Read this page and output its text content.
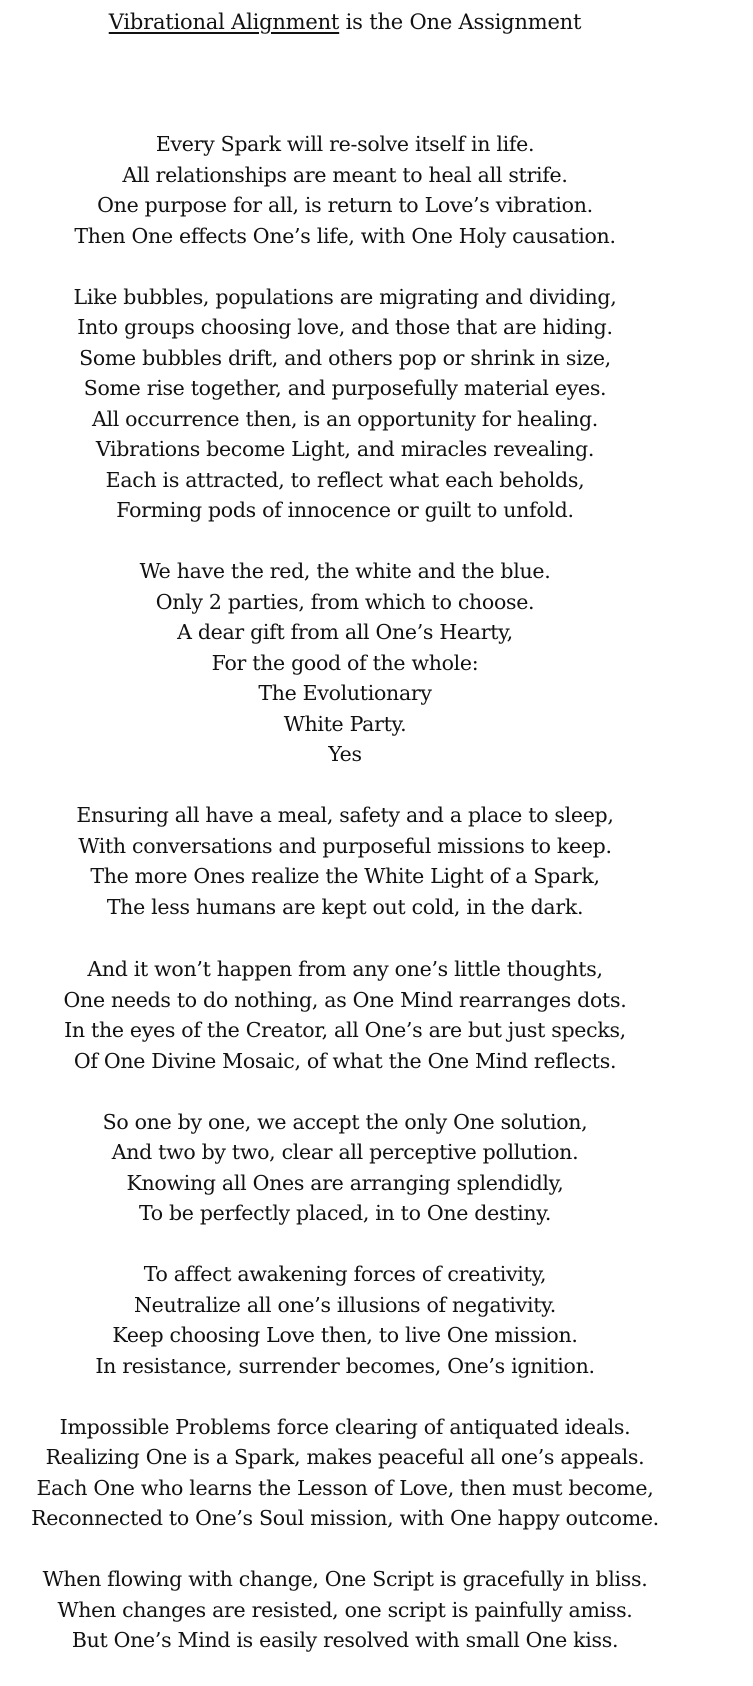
Vibrational Alignment is the One Assignment
Every Spark will re-solve itself in life.
All relationships are meant to heal all strife.
One purpose for all, is return to Love’s vibration.
Then One effects One’s life, with One Holy causation.
Like bubbles, populations are migrating and dividing,
Into groups choosing love, and those that are hiding.
Some bubbles drift, and others pop or shrink in size,
Some rise together, and purposefully material eyes.
All occurrence then, is an opportunity for healing.
Vibrations become Light, and miracles revealing.
Each is attracted, to reflect what each beholds,
Forming pods of innocence or guilt to unfold.
We have the red, the white and the blue.
Only 2 parties, from which to choose.
A dear gift from all One’s Hearty,
For the good of the whole:
The Evolutionary
White Party.
Yes
Ensuring all have a meal, safety and a place to sleep,
With conversations and purposeful missions to keep.
The more Ones realize the White Light of a Spark,
The less humans are kept out cold, in the dark.
And it won’t happen from any one’s little thoughts,
One needs to do nothing, as One Mind rearranges dots.
In the eyes of the Creator, all One’s are but just specks,
Of One Divine Mosaic, of what the One Mind reflects.
So one by one, we accept the only One solution,
And two by two, clear all perceptive pollution.
Knowing all Ones are arranging splendidly,
To be perfectly placed, in to One destiny.
To affect awakening forces of creativity,
Neutralize all one’s illusions of negativity.
Keep choosing Love then, to live One mission.
In resistance, surrender becomes, One’s ignition.
Impossible Problems force clearing of antiquated ideals.
Realizing One is a Spark, makes peaceful all one’s appeals.
Each One who learns the Lesson of Love, then must become,
Reconnected to One’s Soul mission, with One happy outcome.
When flowing with change, One Script is gracefully in bliss.
When changes are resisted, one script is painfully amiss.
But One’s Mind is easily resolved with small One kiss.
